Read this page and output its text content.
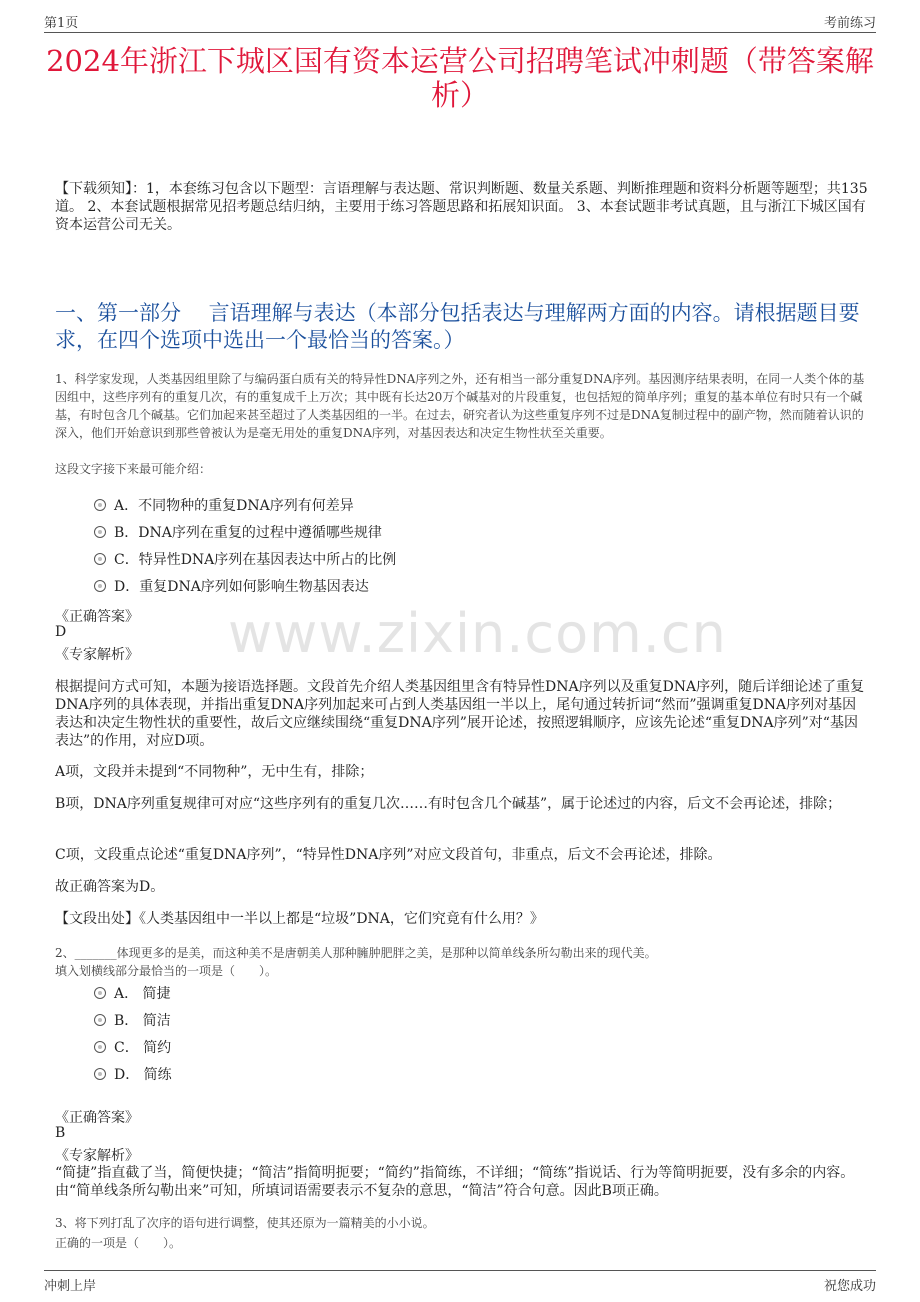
第1页	考前练习
2024年浙江下城区国有资本运营公司招聘笔试冲刺题（带答案解析）
【下载须知】：1，本套练习包含以下题型：言语理解与表达题、常识判断题、数量关系题、判断推理题和资料分析题等题型；共135道。 2、本套试题根据常见招考题总结归纳，主要用于练习答题思路和拓展知识面。 3、本套试题非考试真题，且与浙江下城区国有资本运营公司无关。
一、第一部分　 言语理解与表达（本部分包括表达与理解两方面的内容。请根据题目要求，在四个选项中选出一个最恰当的答案。）
www.zixin.com.cn
1、科学家发现，人类基因组里除了与编码蛋白质有关的特异性DNA序列之外，还有相当一部分重复DNA序列。基因测序结果表明，在同一人类个体的基因组中，这些序列有的重复几次，有的重复成千上万次；其中既有长达20万个碱基对的片段重复，也包括短的简单序列；重复的基本单位有时只有一个碱基，有时包含几个碱基。它们加起来甚至超过了人类基因组的一半。在过去，研究者认为这些重复序列不过是DNA复制过程中的副产物，然而随着认识的深入，他们开始意识到那些曾被认为是毫无用处的重复DNA序列，对基因表达和决定生物性状至关重要。
这段文字接下来最可能介绍：
A．不同物种的重复DNA序列有何差异
B．DNA序列在重复的过程中遵循哪些规律
C．特异性DNA序列在基因表达中所占的比例
D．重复DNA序列如何影响生物基因表达
《正确答案》
D
《专家解析》
根据提问方式可知，本题为接语选择题。文段首先介绍人类基因组里含有特异性DNA序列以及重复DNA序列，随后详细论述了重复DNA序列的具体表现，并指出重复DNA序列加起来可占到人类基因组一半以上，尾句通过转折词“然而”强调重复DNA序列对基因表达和决定生物性状的重要性，故后文应继续围绕“重复DNA序列”展开论述，按照逻辑顺序，应该先论述“重复DNA序列”对“基因表达”的作用，对应D项。
A项，文段并未提到“不同物种”，无中生有，排除；
B项，DNA序列重复规律可对应“这些序列有的重复几次……有时包含几个碱基”，属于论述过的内容，后文不会再论述，排除；
C项，文段重点论述“重复DNA序列”，“特异性DNA序列”对应文段首句，非重点，后文不会再论述，排除。
故正确答案为D。
【文段出处】《人类基因组中一半以上都是“垃圾”DNA，它们究竟有什么用？》
2、_______体现更多的是美，而这种美不是唐朝美人那种臃肿肥胖之美，是那种以简单线条所勾勒出来的现代美。
填入划横线部分最恰当的一项是（　　）。
A． 简捷
B． 简洁
C． 简约
D． 简练
《正确答案》
B
《专家解析》
“简捷”指直截了当，简便快捷；“简洁”指简明扼要；“简约”指简练，不详细；“简练”指说话、行为等简明扼要，没有多余的内容。由“简单线条所勾勒出来”可知，所填词语需要表示不复杂的意思，“简洁”符合句意。因此B项正确。
3、将下列打乱了次序的语句进行调整，使其还原为一篇精美的小小说。
正确的一项是（　　）。
冲刺上岸	祝您成功
